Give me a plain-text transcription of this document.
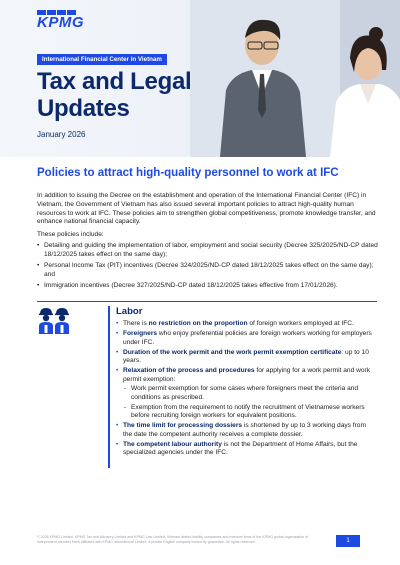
KPMG
International Financial Center in Vietnam
Tax and Legal
Updates
January 2026
Policies to attract high-quality personnel to work at IFC

In addition to issuing the Decree on the establishment and operation of the International Financial Center (IFC) in Vietnam, the Government of Vietnam has also issued several important policies to attract high-quality human resources to work at IFC. These policies aim to strengthen global competitiveness, promote knowledge transfer, and enhance national financial capacity.

These policies include:
• Detailing and guiding the implementation of labor, employment and social security (Decree 325/2025/ND-CP dated 18/12/2025 takes effect on the same day);
• Personal Income Tax (PIT) incentives (Decree 324/2025/ND-CP dated 18/12/2025 takes effect on the same day); and
• Immigration incentives (Decree 327/2025/ND-CP dated 18/12/2025 takes effective from 17/01/2026).
Labor
• There is no restriction on the proportion of foreign workers employed at IFC.
• Foreigners who enjoy preferential policies are foreign workers working for employers under IFC.
• Duration of the work permit and the work permit exemption certificate: up to 10 years.
• Relaxation of the process and procedures for applying for a work permit and work permit exemption:
- Work permit exemption for some cases where foreigners meet the criteria and conditions as prescribed.
- Exemption from the requirement to notify the recruitment of Vietnamese workers before recruiting foreign workers for equivalent positions.
• The time limit for processing dossiers is shortened by up to 3 working days from the date the competent authority receives a complete dossier.
• The competent labour authority is not the Department of Home Affairs, but the specialized agencies under the IFC.
© 2026 KPMG Limited, KPMG Tax and Advisory Limited and KPMG Law Limited, Vietnam limited liability companies and member firms of the KPMG global organization of independent member firms affiliated with KPMG International Limited, a private English company limited by guarantee. All rights reserved.	1
